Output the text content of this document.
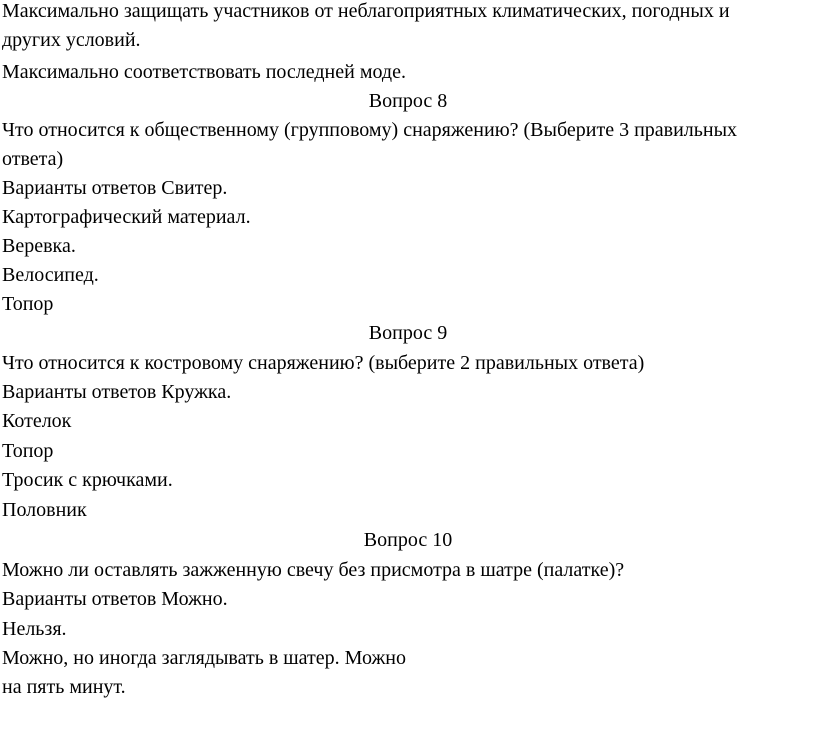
Максимально защищать участников от неблагоприятных климатических, погодных и
других условий.
Максимально соответствовать последней моде.
Вопрос 8
Что относится к общественному (групповому) снаряжению? (Выберите 3 правильных
ответа)
Варианты ответов Свитер.
Картографический материал.
Веревка.
Велосипед.
Топор
Вопрос 9
Что относится к костровому снаряжению? (выберите 2 правильных ответа)
Варианты ответов Кружка.
Котелок
Топор
Тросик с крючками.
Половник
Вопрос 10
Можно ли оставлять зажженную свечу без присмотра в шатре (палатке)?
Варианты ответов Можно.
Нельзя.
Можно, но иногда заглядывать в шатер. Можно
на пять минут.
